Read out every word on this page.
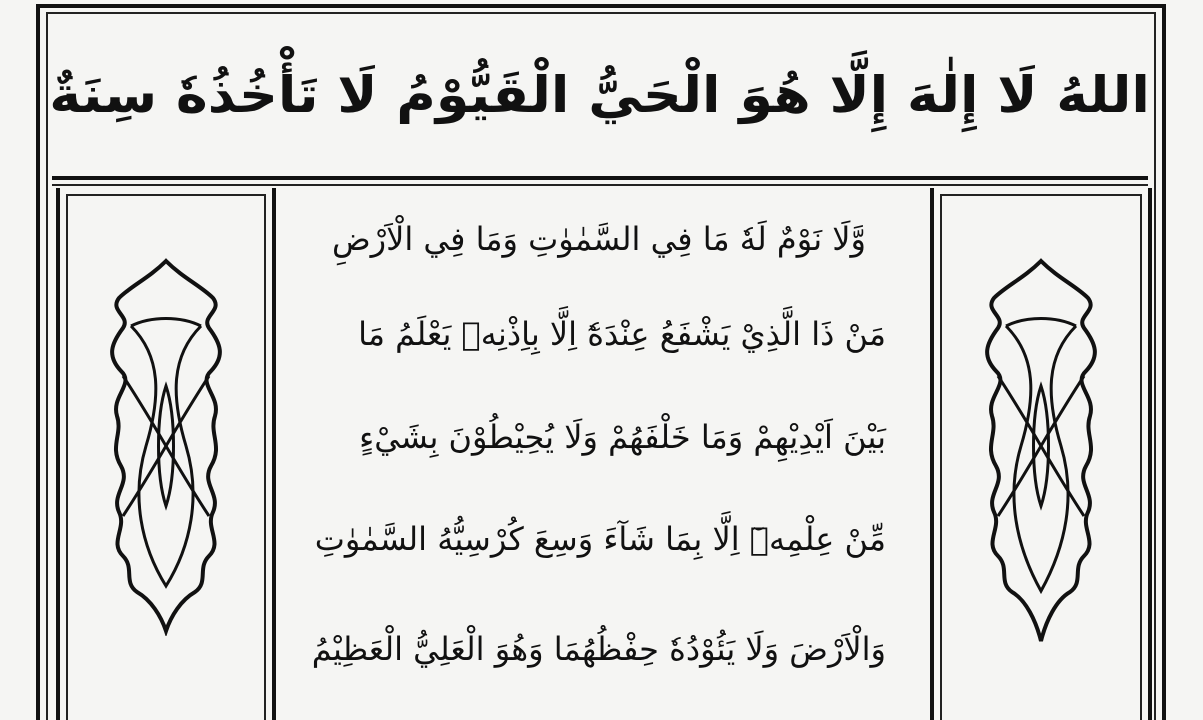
اللهُ لَا إِلٰهَ إِلَّا هُوَ الْحَيُّ الْقَيُّوْمُ لَا تَأْخُذُهٗ سِنَةٌ
وَّلَا نَوْمٌ لَهٗ مَا فِي السَّمٰوٰتِ وَمَا فِي الْاَرْضِ
مَنْ ذَا الَّذِيْ يَشْفَعُ عِنْدَهٗٓ اِلَّا بِاِذْنِهٖ يَعْلَمُ مَا
بَيْنَ اَيْدِيْهِمْ وَمَا خَلْفَهُمْ وَلَا يُحِيْطُوْنَ بِشَيْءٍ
مِّنْ عِلْمِهٖٓ اِلَّا بِمَا شَآءَ وَسِعَ كُرْسِيُّهُ السَّمٰوٰتِ
وَالْاَرْضَ وَلَا يَئُوْدُهٗ حِفْظُهُمَا وَهُوَ الْعَلِيُّ الْعَظِيْمُ
